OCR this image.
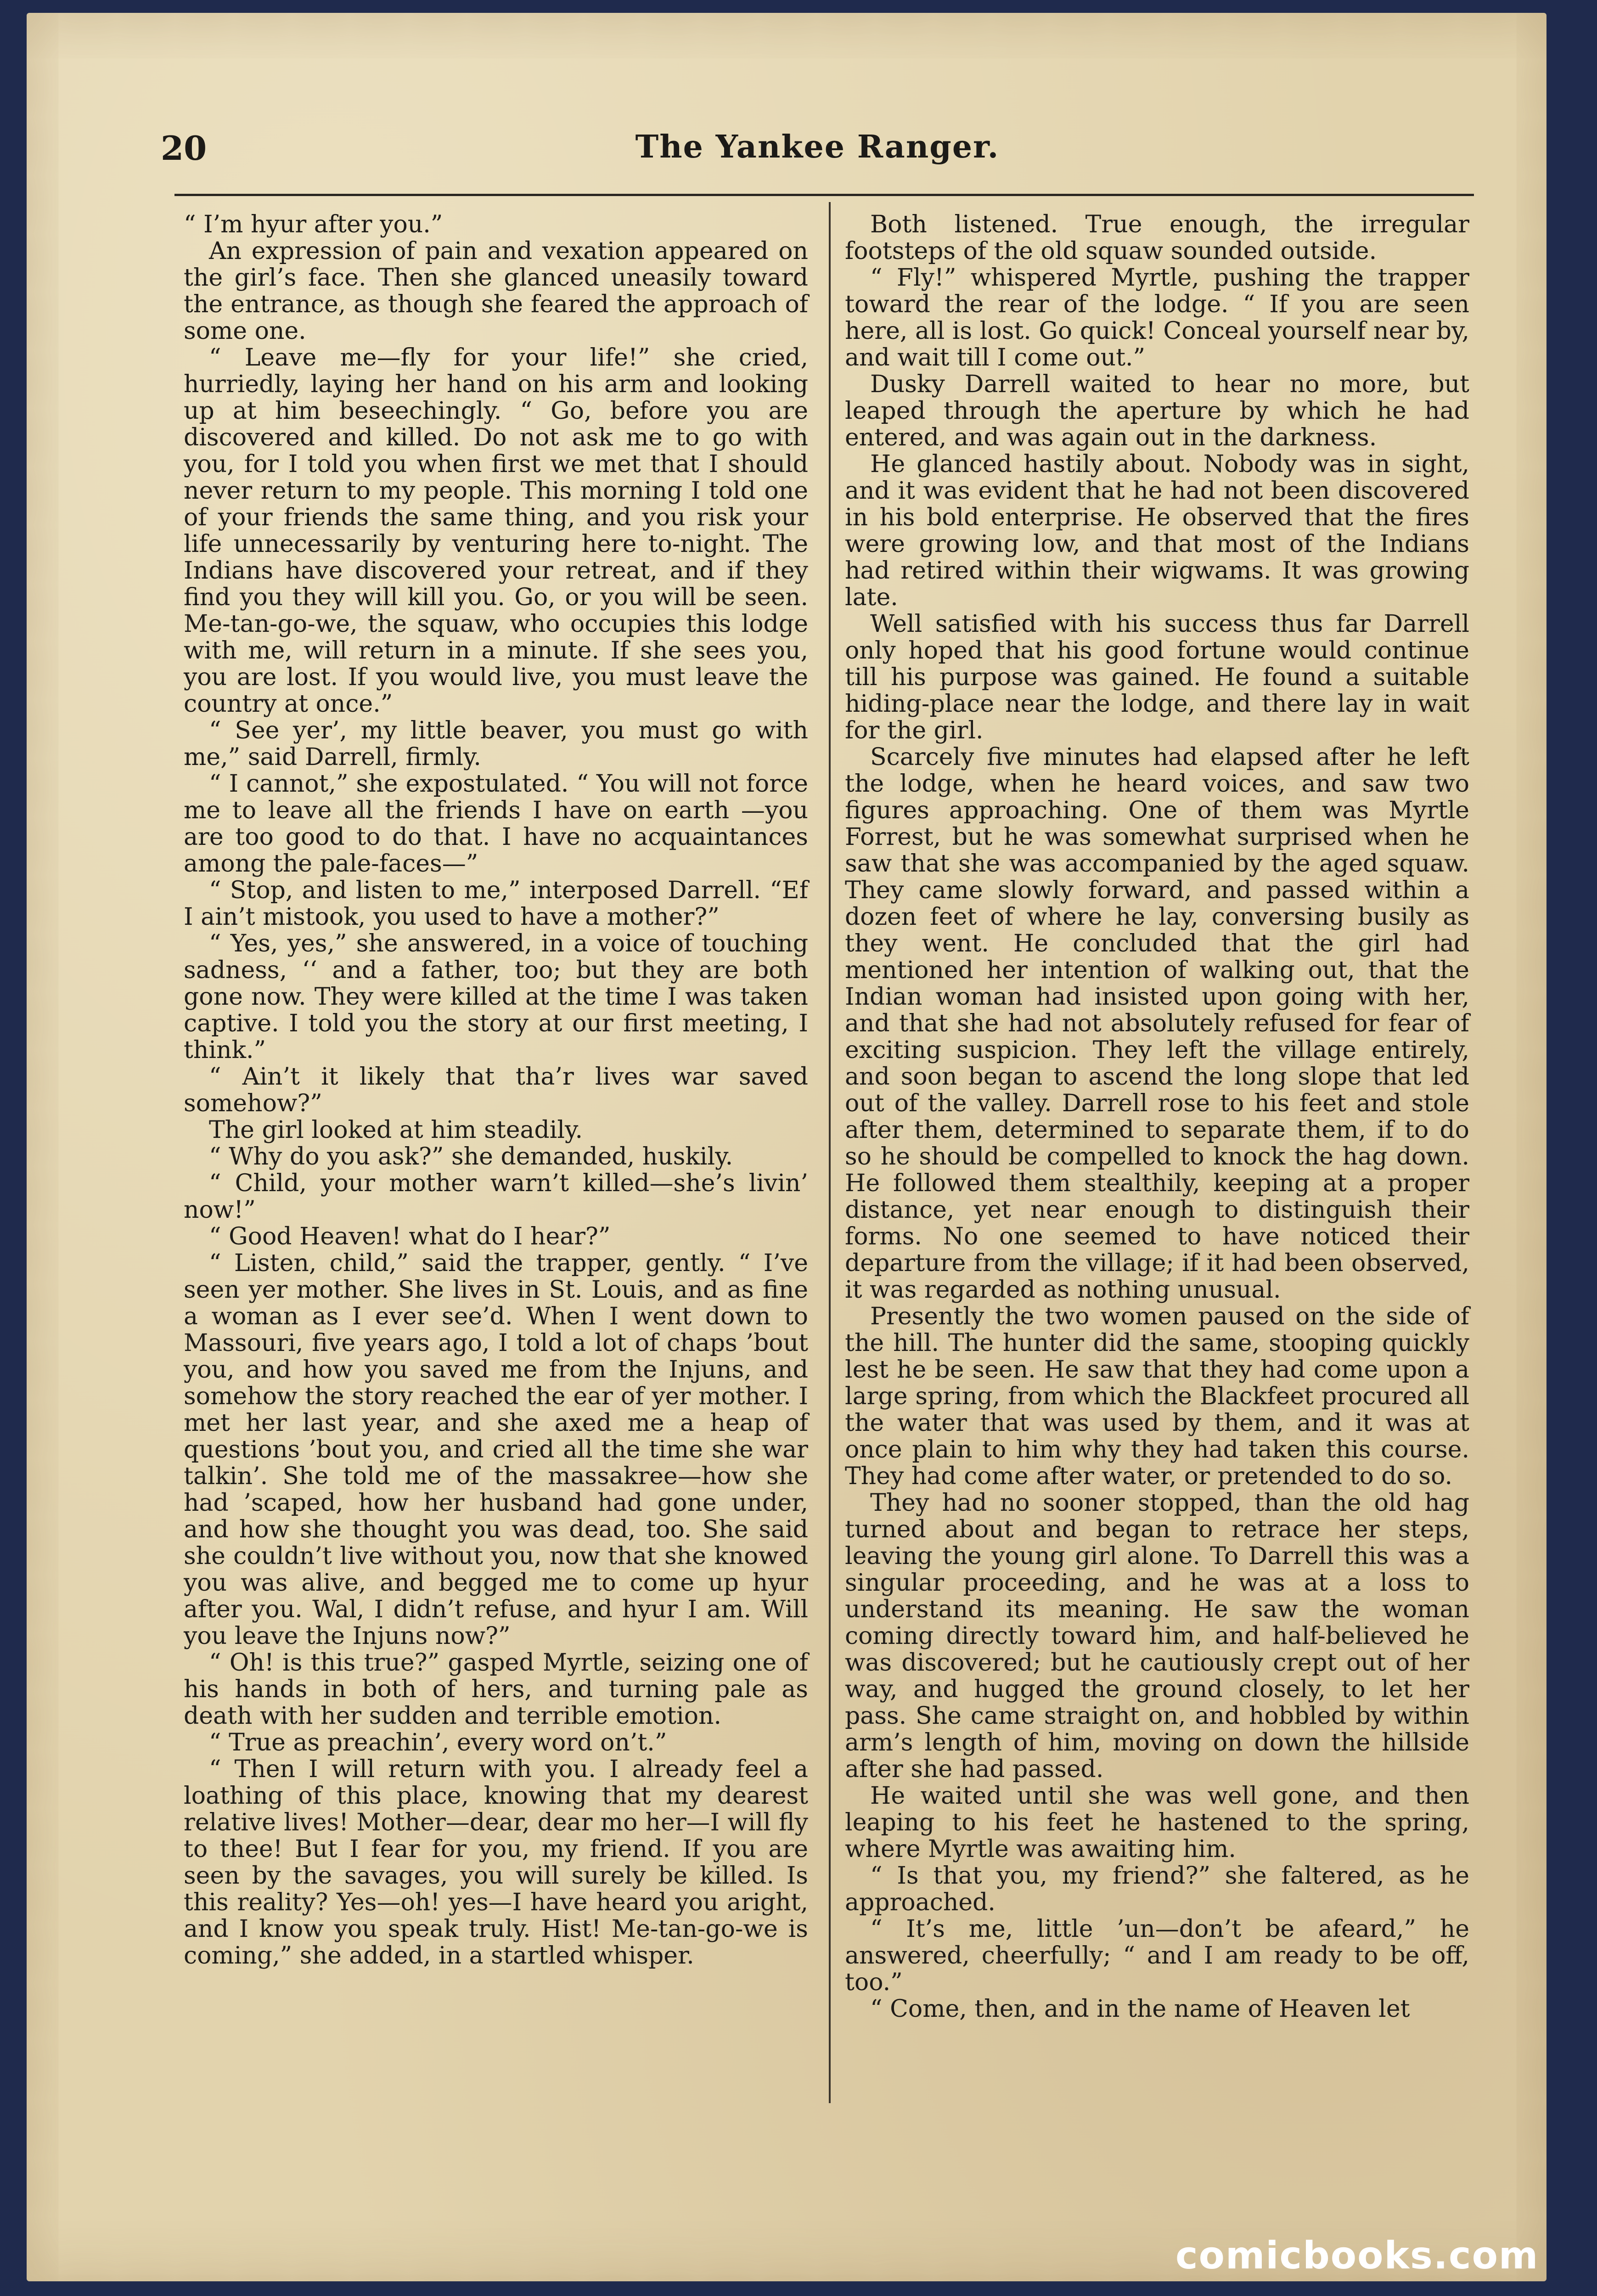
20	The Yankee Ranger.

“ I’m hyur after you.”

An expression of pain and vexation appeared on the girl’s face. Then she glanced uneasily toward the entrance, as though she feared the approach of some one.

“ Leave me—fly for your life!” she cried, hurriedly, laying her hand on his arm and looking up at him beseechingly. “ Go, before you are discovered and killed. Do not ask me to go with you, for I told you when first we met that I should never return to my people. This morning I told one of your friends the same thing, and you risk your life unnecessarily by venturing here to-night. The Indians have discovered your retreat, and if they find you they will kill you. Go, or you will be seen. Me-tan-go-we, the squaw, who occupies this lodge with me, will return in a minute. If she sees you, you are lost. If you would live, you must leave the country at once.”

“ See yer’, my little beaver, you must go with me,” said Darrell, firmly.

“ I cannot,” she expostulated. “ You will not force me to leave all the friends I have on earth —you are too good to do that. I have no acquaintances among the pale-faces—”

“ Stop, and listen to me,” interposed Darrell. “Ef I ain’t mistook, you used to have a mother?”

“ Yes, yes,” she answered, in a voice of touching sadness, ‘‘ and a father, too; but they are both gone now. They were killed at the time I was taken captive. I told you the story at our first meeting, I think.”

“ Ain’t it likely that tha’r lives war saved somehow?”

The girl looked at him steadily.

“ Why do you ask?” she demanded, huskily.

“ Child, your mother warn’t killed—she’s livin’ now!”

“ Good Heaven! what do I hear?”

“ Listen, child,” said the trapper, gently. “ I’ve seen yer mother. She lives in St. Louis, and as fine a woman as I ever see’d. When I went down to Massouri, five years ago, I told a lot of chaps ’bout you, and how you saved me from the Injuns, and somehow the story reached the ear of yer mother. I met her last year, and she axed me a heap of questions ’bout you, and cried all the time she war talkin’. She told me of the massakree—how she had ’scaped, how her husband had gone under, and how she thought you was dead, too. She said she couldn’t live without you, now that she knowed you was alive, and begged me to come up hyur after you. Wal, I didn’t refuse, and hyur I am. Will you leave the Injuns now?”

“ Oh! is this true?” gasped Myrtle, seizing one of his hands in both of hers, and turning pale as death with her sudden and terrible emotion.

“ True as preachin’, every word on’t.”

“ Then I will return with you. I already feel a loathing of this place, knowing that my dearest relative lives! Mother—dear, dear mo her—I will fly to thee! But I fear for you, my friend. If you are seen by the savages, you will surely be killed. Is this reality? Yes—oh! yes—I have heard you aright, and I know you speak truly. Hist! Me-tan-go-we is coming,” she added, in a startled whisper.

Both listened. True enough, the irregular footsteps of the old squaw sounded outside.

“ Fly!” whispered Myrtle, pushing the trapper toward the rear of the lodge. “ If you are seen here, all is lost. Go quick! Conceal yourself near by, and wait till I come out.”

Dusky Darrell waited to hear no more, but leaped through the aperture by which he had entered, and was again out in the darkness.

He glanced hastily about. Nobody was in sight, and it was evident that he had not been discovered in his bold enterprise. He observed that the fires were growing low, and that most of the Indians had retired within their wigwams. It was growing late.

Well satisfied with his success thus far Darrell only hoped that his good fortune would continue till his purpose was gained. He found a suitable hiding-place near the lodge, and there lay in wait for the girl.

Scarcely five minutes had elapsed after he left the lodge, when he heard voices, and saw two figures approaching. One of them was Myrtle Forrest, but he was somewhat surprised when he saw that she was accompanied by the aged squaw. They came slowly forward, and passed within a dozen feet of where he lay, conversing busily as they went. He concluded that the girl had mentioned her intention of walking out, that the Indian woman had insisted upon going with her, and that she had not absolutely refused for fear of exciting suspicion. They left the village entirely, and soon began to ascend the long slope that led out of the valley. Darrell rose to his feet and stole after them, determined to separate them, if to do so he should be compelled to knock the hag down. He followed them stealthily, keeping at a proper distance, yet near enough to distinguish their forms. No one seemed to have noticed their departure from the village; if it had been observed, it was regarded as nothing unusual.

Presently the two women paused on the side of the hill. The hunter did the same, stooping quickly lest he be seen. He saw that they had come upon a large spring, from which the Blackfeet procured all the water that was used by them, and it was at once plain to him why they had taken this course. They had come after water, or pretended to do so.

They had no sooner stopped, than the old hag turned about and began to retrace her steps, leaving the young girl alone. To Darrell this was a singular proceeding, and he was at a loss to understand its meaning. He saw the woman coming directly toward him, and half-believed he was discovered; but he cautiously crept out of her way, and hugged the ground closely, to let her pass. She came straight on, and hobbled by within arm’s length of him, moving on down the hillside after she had passed.

He waited until she was well gone, and then leaping to his feet he hastened to the spring, where Myrtle was awaiting him.

“ Is that you, my friend?” she faltered, as he approached.

“ It’s me, little ’un—don’t be afeard,” he answered, cheerfully; “ and I am ready to be off, too.”

“ Come, then, and in the name of Heaven let

comicbooks.com
